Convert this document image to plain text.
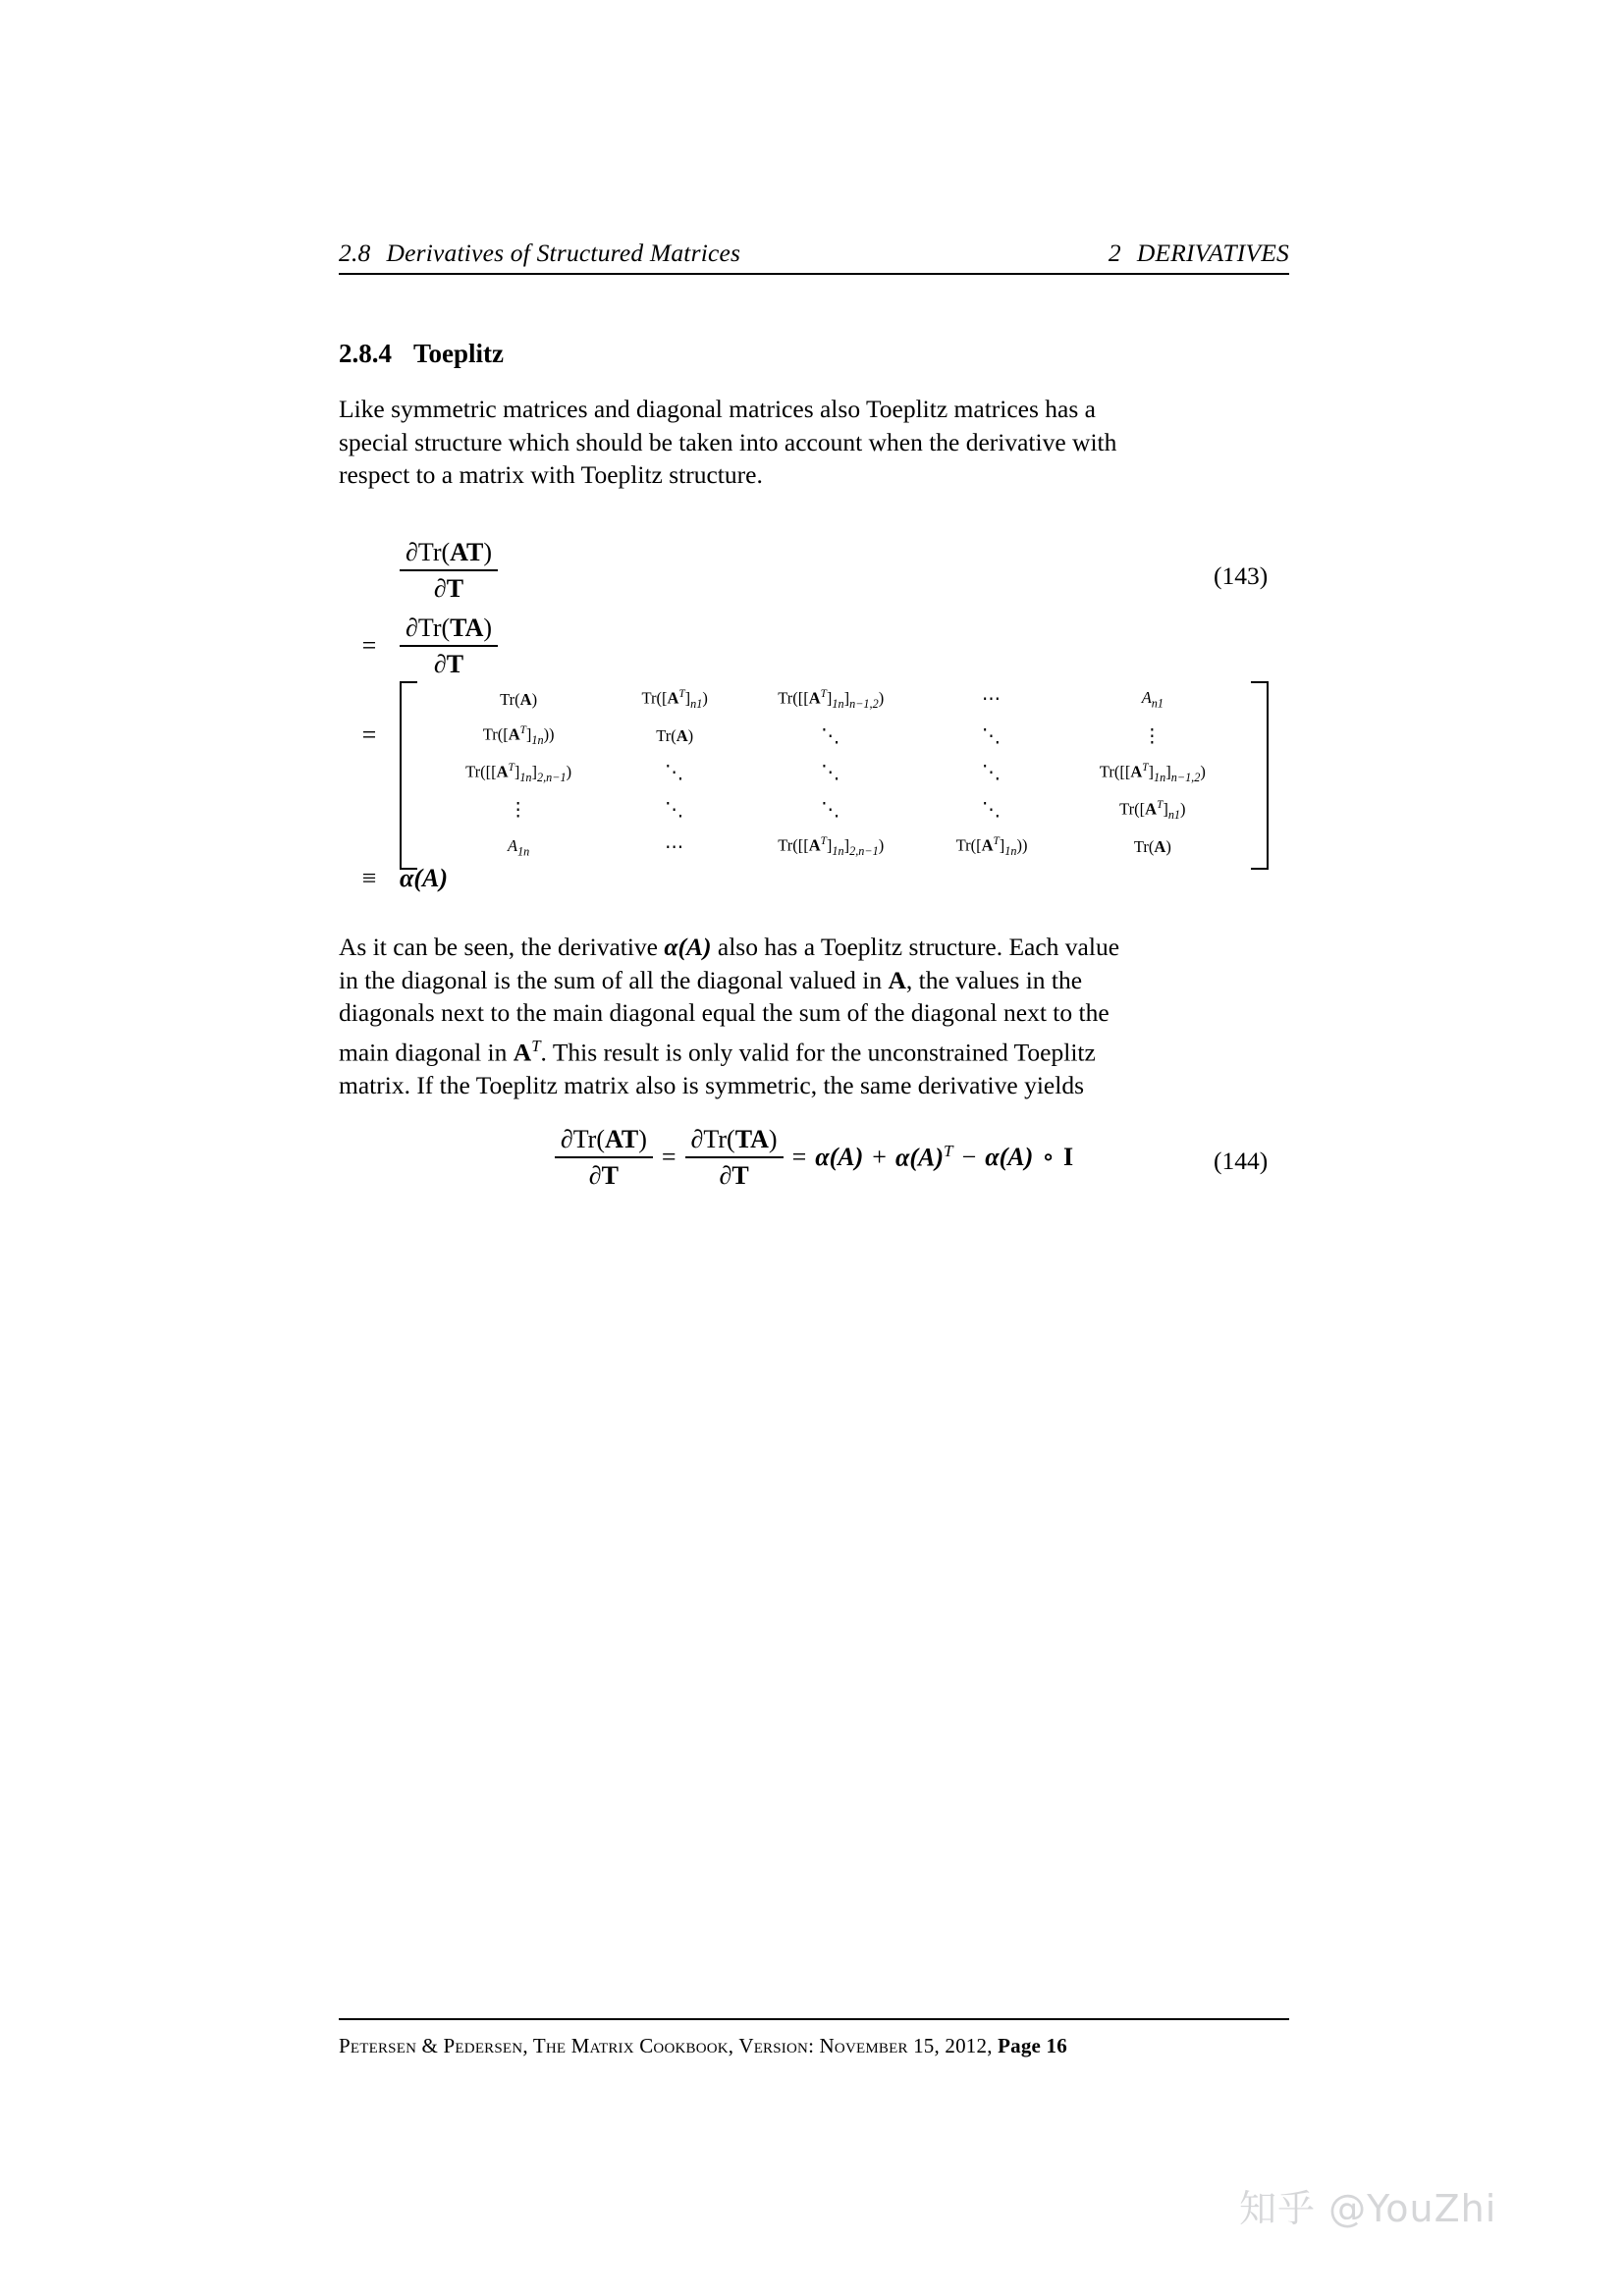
2.8 Derivatives of Structured Matrices	2 DERIVATIVES
2.8.4 Toeplitz
Like symmetric matrices and diagonal matrices also Toeplitz matrices has a
special structure which should be taken into account when the derivative with
respect to a matrix with Toeplitz structure.
$\frac{\partial Tr(AT)}{\partial T}$
= $\frac{\partial Tr(TA)}{\partial T}$
=
(143)
Tr(A)	$Tr([A^T]_{n1})$	$Tr([[A^T]_{1n}]_{n-1,2})$	⋯	$A_{n1}$
$Tr([A^T]_{1n})$)	Tr(A)	⋱	⋱	⋮
$Tr([[A^T]_{1n}]_{2,n-1})$	⋱	⋱	⋱	$Tr([[A^T]_{1n}]_{n-1,2})$
⋮	⋱	⋱	⋱	$Tr([A^T]_{n1})$
$A_{1n}$	⋯	$Tr([[A^T]_{1n}]_{2,n-1})$	$Tr([A^T]_{1n})$)	Tr(A)
≡ α(A)
As it can be seen, the derivative α(A) also has a Toeplitz structure. Each value
in the diagonal is the sum of all the diagonal valued in A, the values in the
diagonals next to the main diagonal equal the sum of the diagonal next to the
main diagonal in $A^T$. This result is only valid for the unconstrained Toeplitz
matrix. If the Toeplitz matrix also is symmetric, the same derivative yields
$\frac{\partial Tr(AT)}{\partial T} = \frac{\partial Tr(TA)}{\partial T} = \alpha(A) + \alpha(A)^T - \alpha(A)$ ∘ I	(144)
Petersen & Pedersen, The Matrix Cookbook, Version: November 15, 2012, Page 16
知乎 @YouZhi
